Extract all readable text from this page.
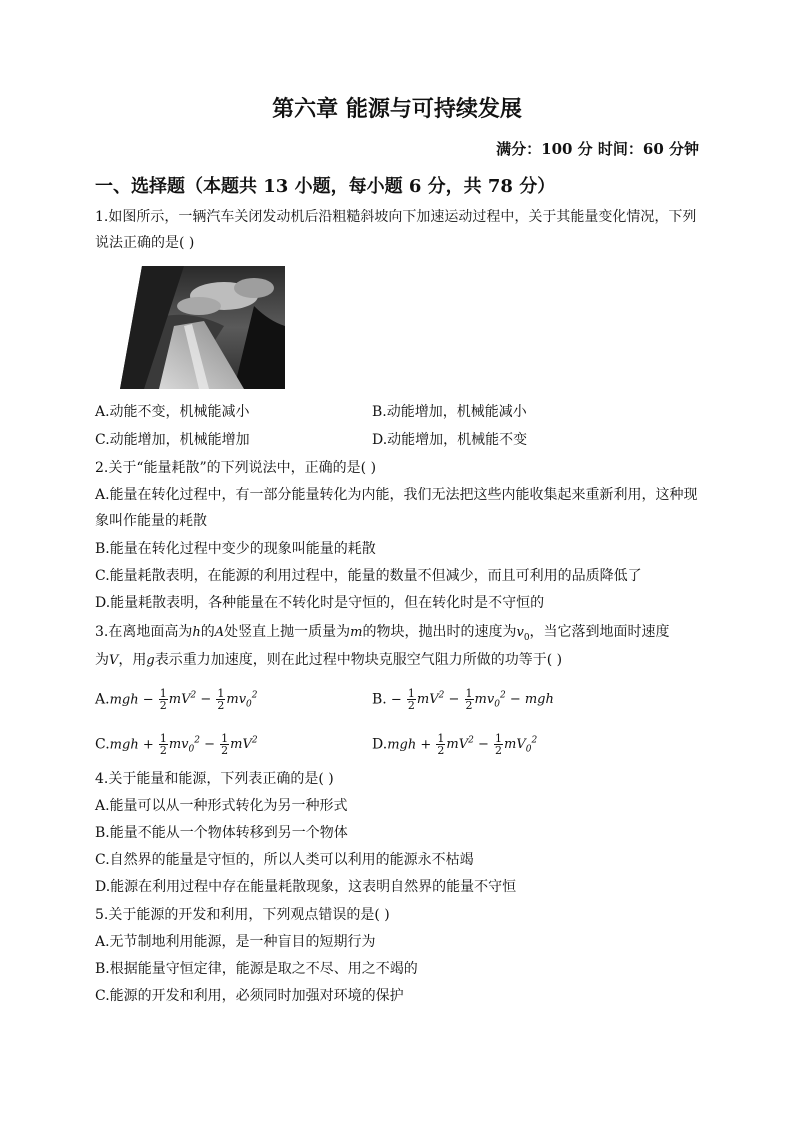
第六章 能源与可持续发展
满分：100 分 时间：60 分钟
一、选择题（本题共 13 小题，每小题 6 分，共 78 分）
1.如图所示，一辆汽车关闭发动机后沿粗糙斜坡向下加速运动过程中，关于其能量变化情况，下列
说法正确的是( )
A.动能不变，机械能减小	B.动能增加，机械能减小
C.动能增加，机械能增加	D.动能增加，机械能不变
2.关于“能量耗散”的下列说法中，正确的是( )
A.能量在转化过程中，有一部分能量转化为内能，我们无法把这些内能收集起来重新利用，这种现
象叫作能量的耗散
B.能量在转化过程中变少的现象叫能量的耗散
C.能量耗散表明，在能源的利用过程中，能量的数量不但减少，而且可利用的品质降低了
D.能量耗散表明，各种能量在不转化时是守恒的，但在转化时是不守恒的
3.在离地面高为h的A处竖直上抛一质量为m的物块，抛出时的速度为$v_0$，当它落到地面时速度
为V，用g表示重力加速度，则在此过程中物块克服空气阻力所做的功等于( )
$A.mgh - \frac{1}{2} mV^2 - \frac{1}{2} mv_0^2$	B. − $\frac{1}{2} mV^2 - \frac{1}{2} mv_0^2$ − mgh
$C.mgh + \frac{1}{2} mv_0^2 - \frac{1}{2} mV^2$	$D.mgh + \frac{1}{2} mV^2 - \frac{1}{2} mV_0^2$
4.关于能量和能源，下列表正确的是( )
A.能量可以从一种形式转化为另一种形式
B.能量不能从一个物体转移到另一个物体
C.自然界的能量是守恒的，所以人类可以利用的能源永不枯竭
D.能源在利用过程中存在能量耗散现象，这表明自然界的能量不守恒
5.关于能源的开发和利用，下列观点错误的是( )
A.无节制地利用能源，是一种盲目的短期行为
B.根据能量守恒定律，能源是取之不尽、用之不竭的
C.能源的开发和利用，必须同时加强对环境的保护
